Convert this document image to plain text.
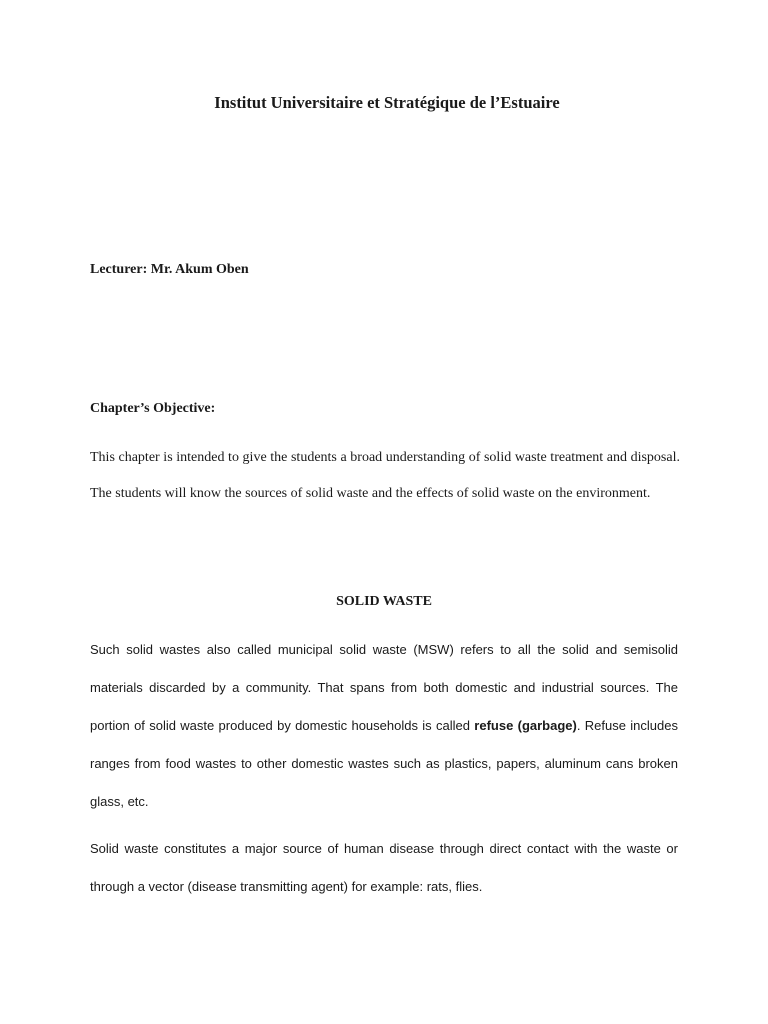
Institut Universitaire et Stratégique de l’Estuaire
Lecturer: Mr. Akum Oben
Chapter’s Objective:
This chapter is intended to give the students a broad understanding of solid waste treatment and disposal. The students will know the sources of solid waste and the effects of solid waste on the environment.
SOLID WASTE
Such solid wastes also called municipal solid waste (MSW) refers to all the solid and semisolid materials discarded by a community. That spans from both domestic and industrial sources. The portion of solid waste produced by domestic households is called refuse (garbage). Refuse includes ranges from food wastes to other domestic wastes such as plastics, papers, aluminum cans broken glass, etc.
Solid waste constitutes a major source of human disease through direct contact with the waste or through a vector (disease transmitting agent) for example: rats, flies.
